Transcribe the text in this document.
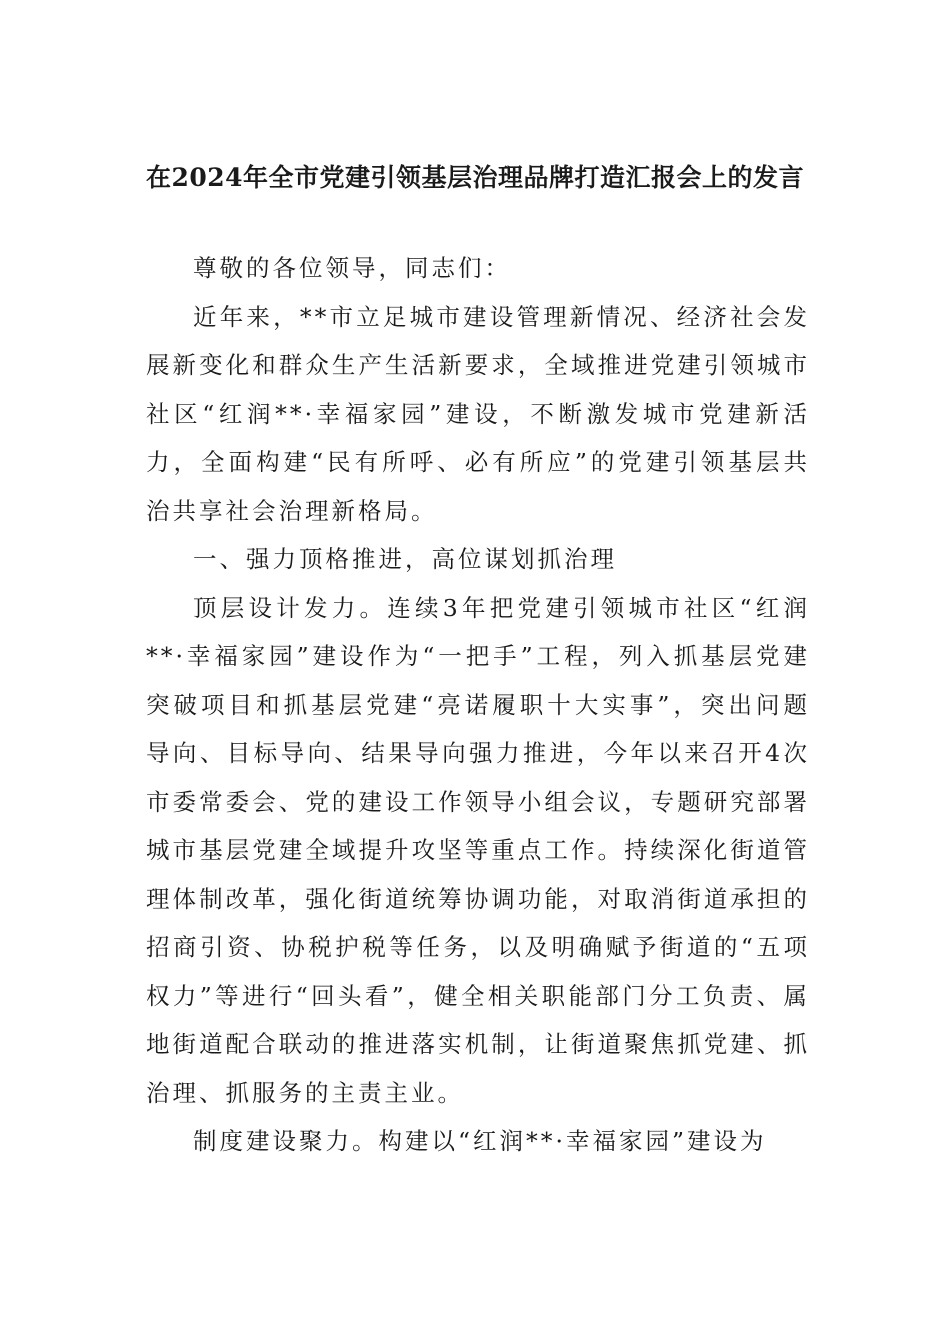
在2024年全市党建引领基层治理品牌打造汇报会上的发言

尊敬的各位领导，同志们：

近年来，**市立足城市建设管理新情况、经济社会发展新变化和群众生产生活新要求，全域推进党建引领城市社区“红润**·幸福家园”建设，不断激发城市党建新活力，全面构建“民有所呼、必有所应”的党建引领基层共治共享社会治理新格局。

一、强力顶格推进，高位谋划抓治理

顶层设计发力。连续3年把党建引领城市社区“红润**·幸福家园”建设作为“一把手”工程，列入抓基层党建突破项目和抓基层党建“亮诺履职十大实事”，突出问题导向、目标导向、结果导向强力推进，今年以来召开4次市委常委会、党的建设工作领导小组会议，专题研究部署城市基层党建全域提升攻坚等重点工作。持续深化街道管理体制改革，强化街道统筹协调功能，对取消街道承担的招商引资、协税护税等任务，以及明确赋予街道的“五项权力”等进行“回头看”，健全相关职能部门分工负责、属地街道配合联动的推进落实机制，让街道聚焦抓党建、抓治理、抓服务的主责主业。

制度建设聚力。构建以“红润**·幸福家园”建设为
